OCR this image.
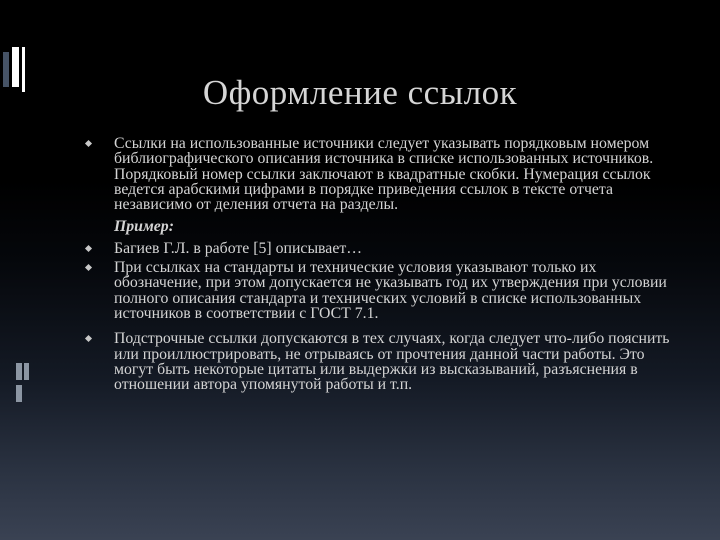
Оформление ссылок
Ссылки на использованные источники следует указывать порядковым номером библиографического описания источника в списке использованных источников. Порядковый номер ссылки заключают в квадратные скобки. Нумерация ссылок ведется арабскими цифрами в порядке приведения ссылок в тексте отчета независимо от деления отчета на разделы.
Пример:
Багиев Г.Л. в работе [5] описывает…
При ссылках на стандарты и технические условия указывают только их обозначение, при этом допускается не указывать год их утверждения при условии полного описания стандарта и технических условий в списке использованных источников в соответствии с ГОСТ 7.1.
Подстрочные ссылки допускаются в тех случаях, когда следует что-либо пояснить или проиллюстрировать, не отрываясь от прочтения данной части работы. Это могут быть некоторые цитаты или выдержки из высказываний, разъяснения в отношении автора упомянутой работы и т.п.
